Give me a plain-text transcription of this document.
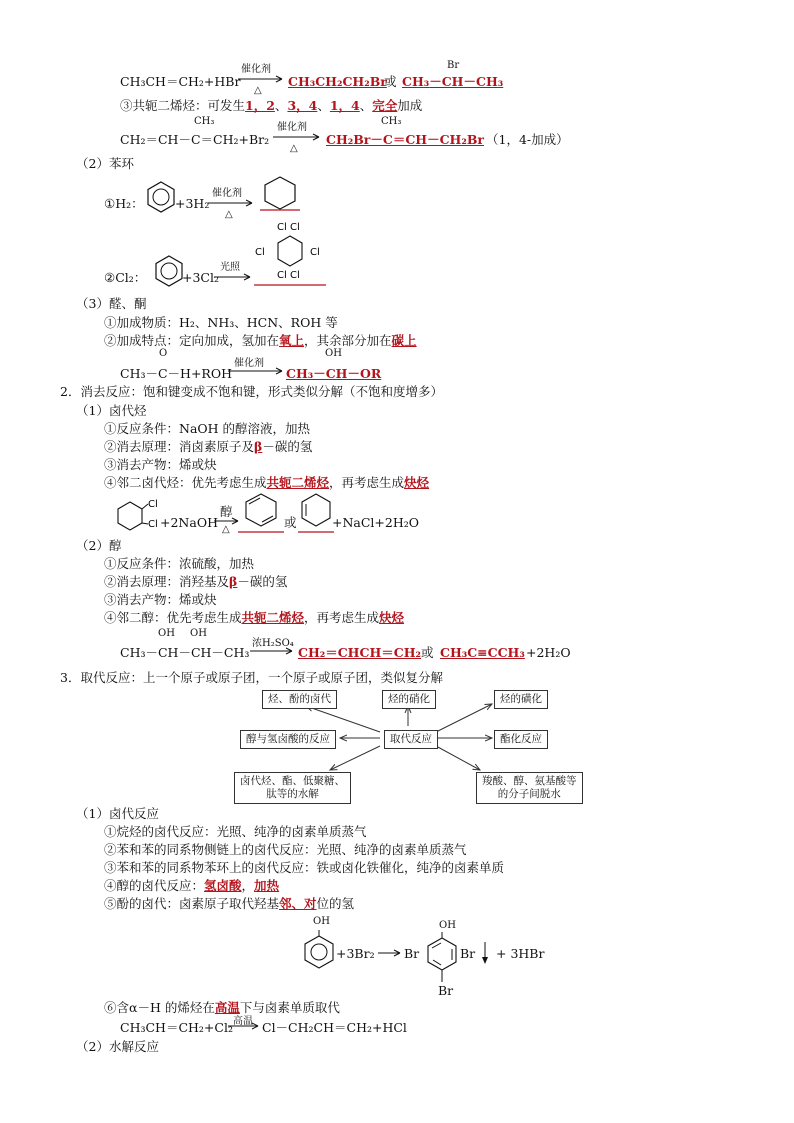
CH₃CH＝CH₂+HBr
催化剂
△
CH₃CH₂CH₂Br
或
Br
CH₃－CH－CH₃
③共轭二烯烃：可发生1，2、3，4、1，4、完全加成
CH₃
CH₂＝CH－C＝CH₂+Br₂
催化剂
△
CH₃
CH₂Br－C＝CH－CH₂Br （1，4-加成）
（2）苯环
①H₂：	+3H₂
催化剂
△
②Cl₂：	+3Cl₂
光照
Cl Cl
Cl	Cl
Cl Cl
（3）醛、酮
①加成物质：H₂、NH₃、HCN、ROH 等
②加成特点：定向加成，氢加在氧上，其余部分加在碳上
O	OH
CH₃－C－H+ROH
催化剂
CH₃－CH－OR
2．消去反应：饱和键变成不饱和键，形式类似分解（不饱和度增多）
（1）卤代烃
①反应条件：NaOH 的醇溶液，加热
②消去原理：消卤素原子及β－碳的氢
③消去产物：烯或炔
④邻二卤代烃：优先考虑生成共轭二烯烃，再考虑生成炔烃
Cl
Cl +2NaOH
醇
△	或	+NaCl+2H₂O
（2）醇
①反应条件：浓硫酸，加热
②消去原理：消羟基及β－碳的氢
③消去产物：烯或炔
④邻二醇：优先考虑生成共轭二烯烃，再考虑生成炔烃
OH OH
CH₃－CH－CH－CH₃
浓H₂SO₄
→ CH₂＝CHCH＝CH₂ 或 CH₃C≡CCH₃ +2H₂O
3．取代反应：上一个原子或原子团，一个原子或原子团，类似复分解
取代反应
烃、酚的卤代	烃的硝化	烃的磺化
醇与氢卤酸的反应	酯化反应
卤代烃、酯、低聚糖、
肽等的水解
羧酸、醇、氨基酸等
的分子间脱水
（1）卤代反应
①烷烃的卤代反应：光照、纯净的卤素单质蒸气
②苯和苯的同系物侧链上的卤代反应：光照、纯净的卤素单质蒸气
③苯和苯的同系物苯环上的卤代反应：铁或卤化铁催化，纯净的卤素单质
④醇的卤代反应：氢卤酸，加热
⑤酚的卤代：卤素原子取代羟基邻、对位的氢
OH
+3Br₂ →
OH
Br	Br
Br
+ 3HBr
⑥含α－H 的烯烃在高温下与卤素单质取代
CH₃CH＝CH₂+Cl₂ 高温 → Cl－CH₂CH＝CH₂+HCl
（2）水解反应
